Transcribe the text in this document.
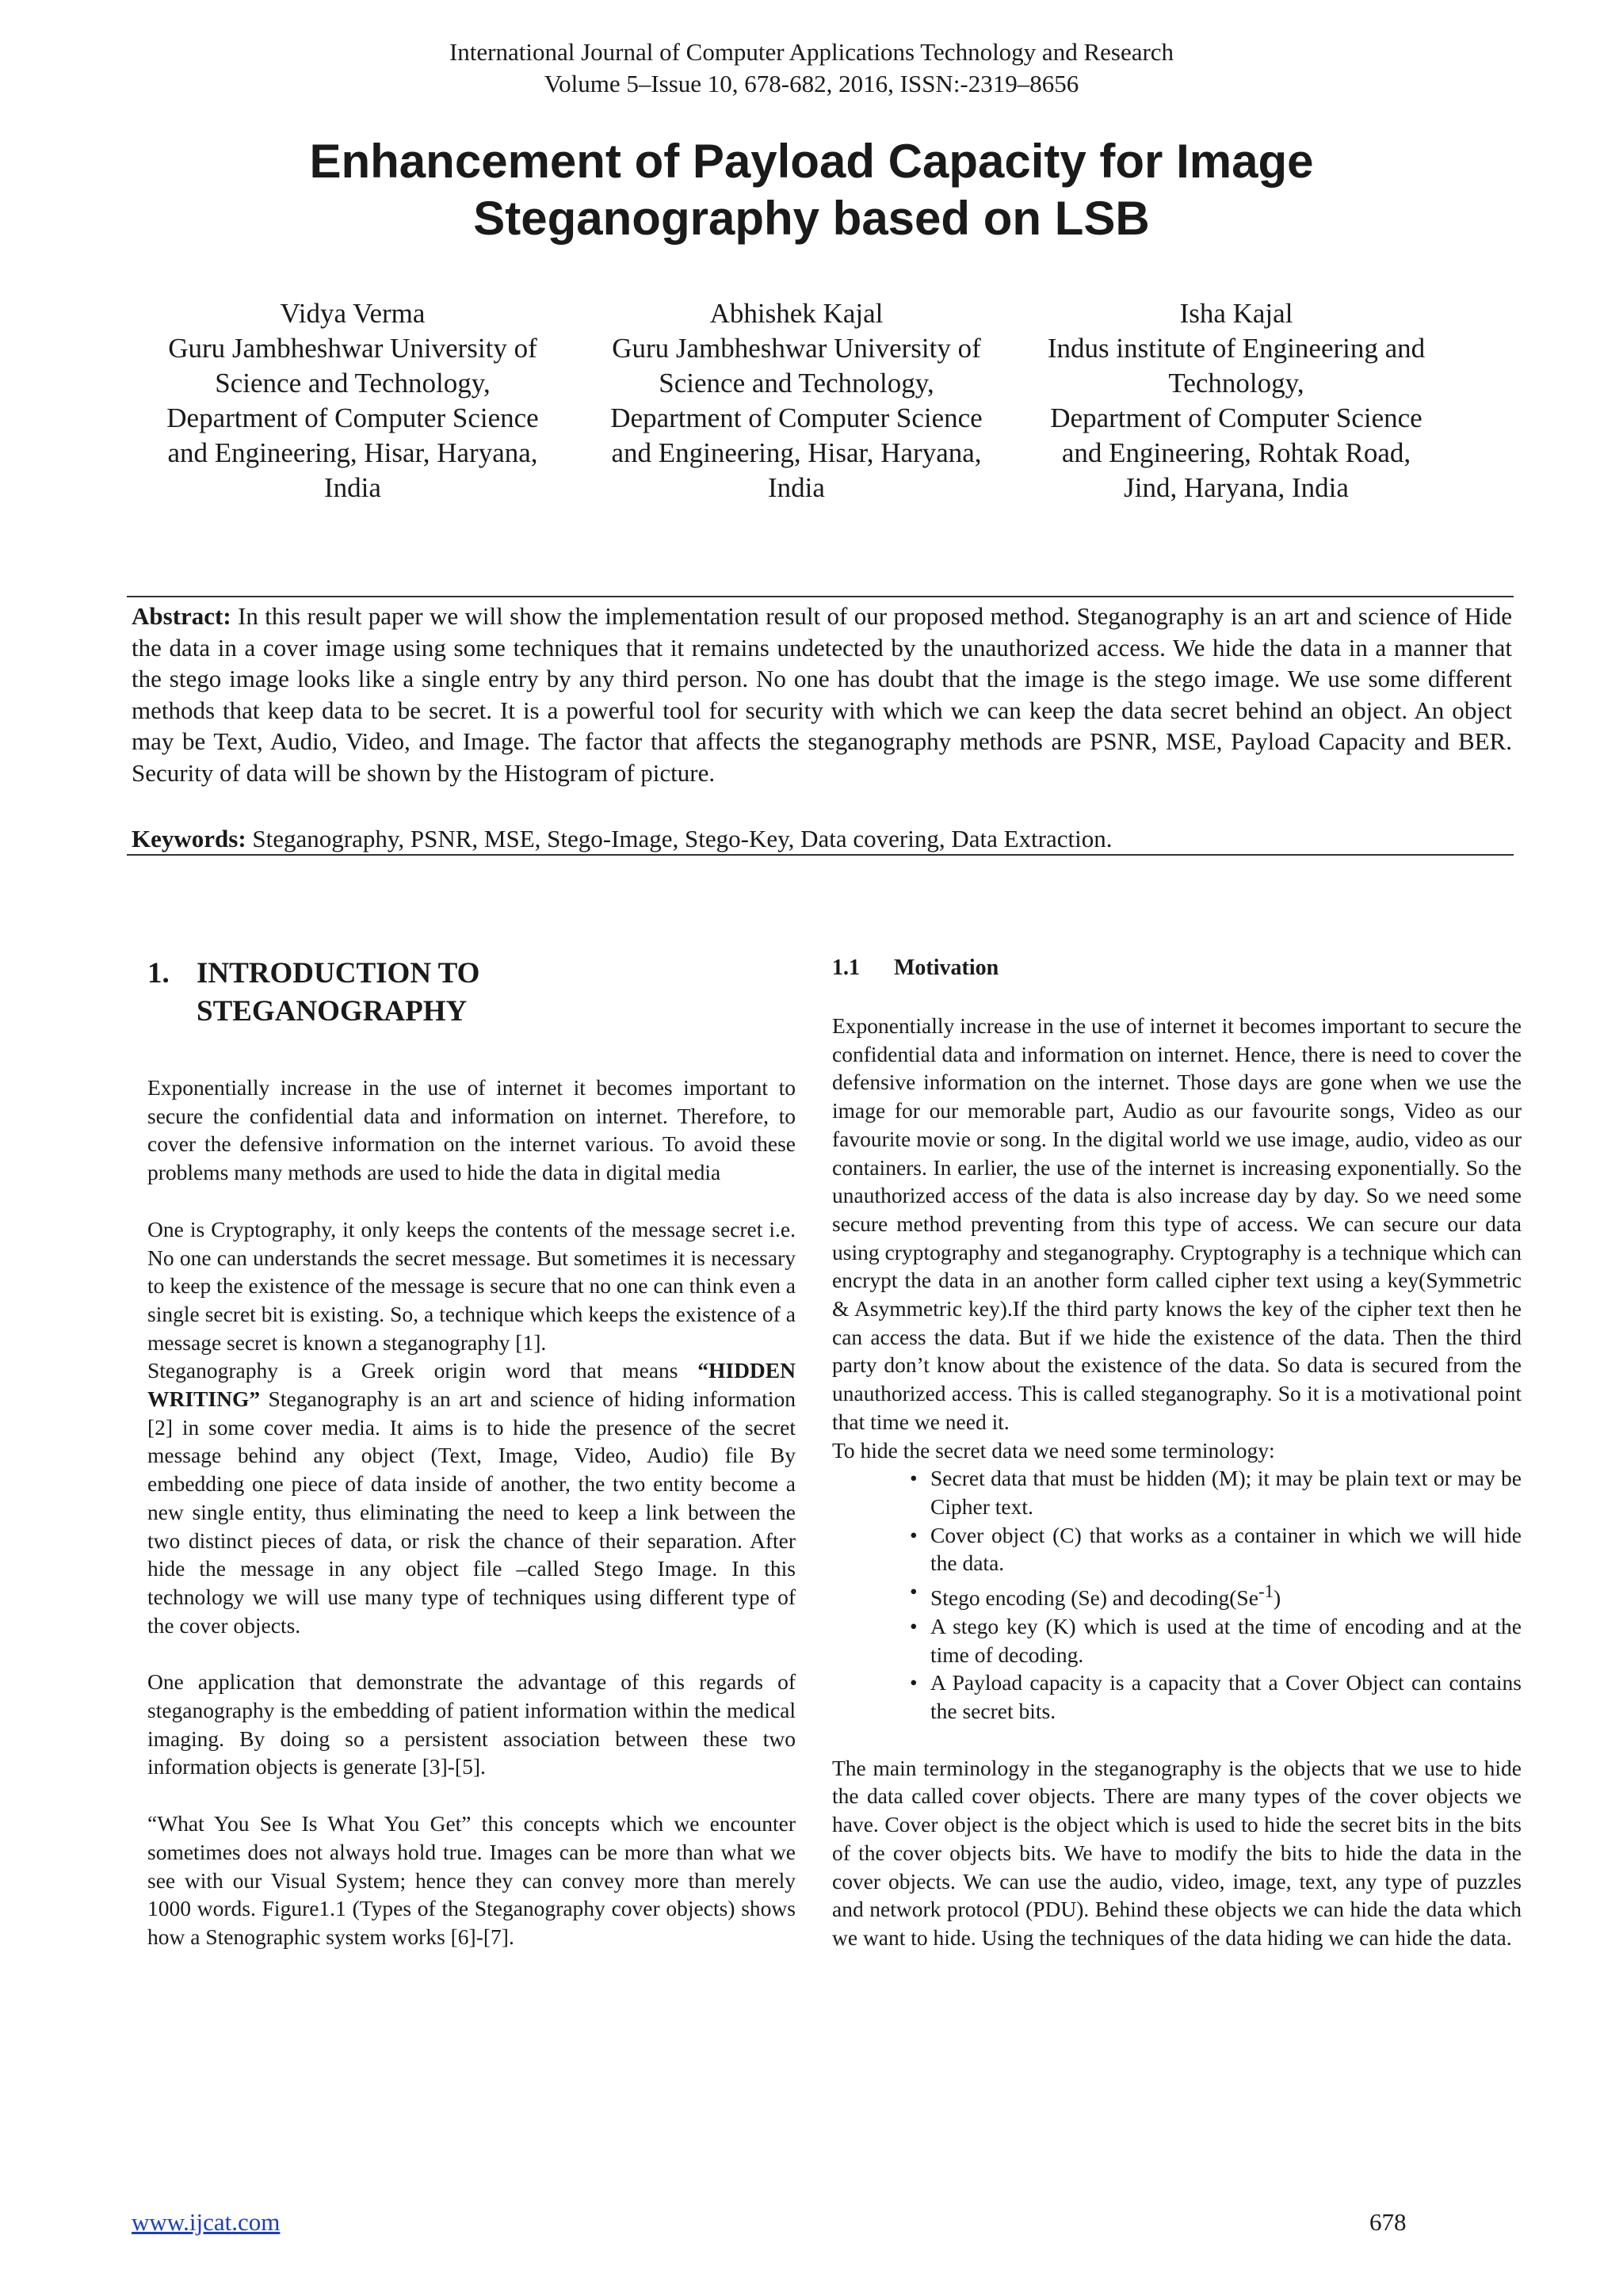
International Journal of Computer Applications Technology and Research
Volume 5–Issue 10, 678-682, 2016, ISSN:-2319–8656
Enhancement of Payload Capacity for Image
Steganography based on LSB
Vidya Verma
Guru Jambheshwar University of
Science and Technology,
Department of Computer Science
and Engineering, Hisar, Haryana,
India
Abhishek Kajal
Guru Jambheshwar University of
Science and Technology,
Department of Computer Science
and Engineering, Hisar, Haryana,
India
Isha Kajal
Indus institute of Engineering and
Technology,
Department of Computer Science
and Engineering, Rohtak Road,
Jind, Haryana, India
Abstract: In this result paper we will show the implementation result of our proposed method. Steganography is an art and science of Hide the data in a cover image using some techniques that it remains undetected by the unauthorized access. We hide the data in a manner that the stego image looks like a single entry by any third person. No one has doubt that the image is the stego image. We use some different methods that keep data to be secret. It is a powerful tool for security with which we can keep the data secret behind an object. An object may be Text, Audio, Video, and Image. The factor that affects the steganography methods are PSNR, MSE, Payload Capacity and BER. Security of data will be shown by the Histogram of picture.
Keywords: Steganography, PSNR, MSE, Stego-Image, Stego-Key, Data covering, Data Extraction.
1. INTRODUCTION TO
STEGANOGRAPHY

Exponentially increase in the use of internet it becomes important to secure the confidential data and information on internet. Therefore, to cover the defensive information on the internet various. To avoid these problems many methods are used to hide the data in digital media

One is Cryptography, it only keeps the contents of the message secret i.e. No one can understands the secret message. But sometimes it is necessary to keep the existence of the message is secure that no one can think even a single secret bit is existing. So, a technique which keeps the existence of a message secret is known a steganography [1].

Steganography is a Greek origin word that means “HIDDEN WRITING” Steganography is an art and science of hiding information [2] in some cover media. It aims is to hide the presence of the secret message behind any object (Text, Image, Video, Audio) file By embedding one piece of data inside of another, the two entity become a new single entity, thus eliminating the need to keep a link between the two distinct pieces of data, or risk the chance of their separation. After hide the message in any object file –called Stego Image. In this technology we will use many type of techniques using different type of the cover objects.

One application that demonstrate the advantage of this regards of steganography is the embedding of patient information within the medical imaging. By doing so a persistent association between these two information objects is generate [3]-[5].

“What You See Is What You Get” this concepts which we encounter sometimes does not always hold true. Images can be more than what we see with our Visual System; hence they can convey more than merely 1000 words. Figure1.1 (Types of the Steganography cover objects) shows how a Stenographic system works [6]-[7].

1.1 Motivation

Exponentially increase in the use of internet it becomes important to secure the confidential data and information on internet. Hence, there is need to cover the defensive information on the internet. Those days are gone when we use the image for our memorable part, Audio as our favourite songs, Video as our favourite movie or song. In the digital world we use image, audio, video as our containers. In earlier, the use of the internet is increasing exponentially. So the unauthorized access of the data is also increase day by day. So we need some secure method preventing from this type of access. We can secure our data using cryptography and steganography. Cryptography is a technique which can encrypt the data in an another form called cipher text using a key(Symmetric & Asymmetric key).If the third party knows the key of the cipher text then he can access the data. But if we hide the existence of the data. Then the third party don’t know about the existence of the data. So data is secured from the unauthorized access. This is called steganography. So it is a motivational point that time we need it.

To hide the secret data we need some terminology:

• Secret data that must be hidden (M); it may be plain text or may be Cipher text.
• Cover object (C) that works as a container in which we will hide the data.
• Stego encoding (Se) and $decoding(Se^{-1})$
• A stego key (K) which is used at the time of encoding and at the time of decoding.
• A Payload capacity is a capacity that a Cover Object can contains the secret bits.

The main terminology in the steganography is the objects that we use to hide the data called cover objects. There are many types of the cover objects we have. Cover object is the object which is used to hide the secret bits in the bits of the cover objects bits. We have to modify the bits to hide the data in the cover objects. We can use the audio, video, image, text, any type of puzzles and network protocol (PDU). Behind these objects we can hide the data which we want to hide. Using the techniques of the data hiding we can hide the data.

www.ijcat.com	678
